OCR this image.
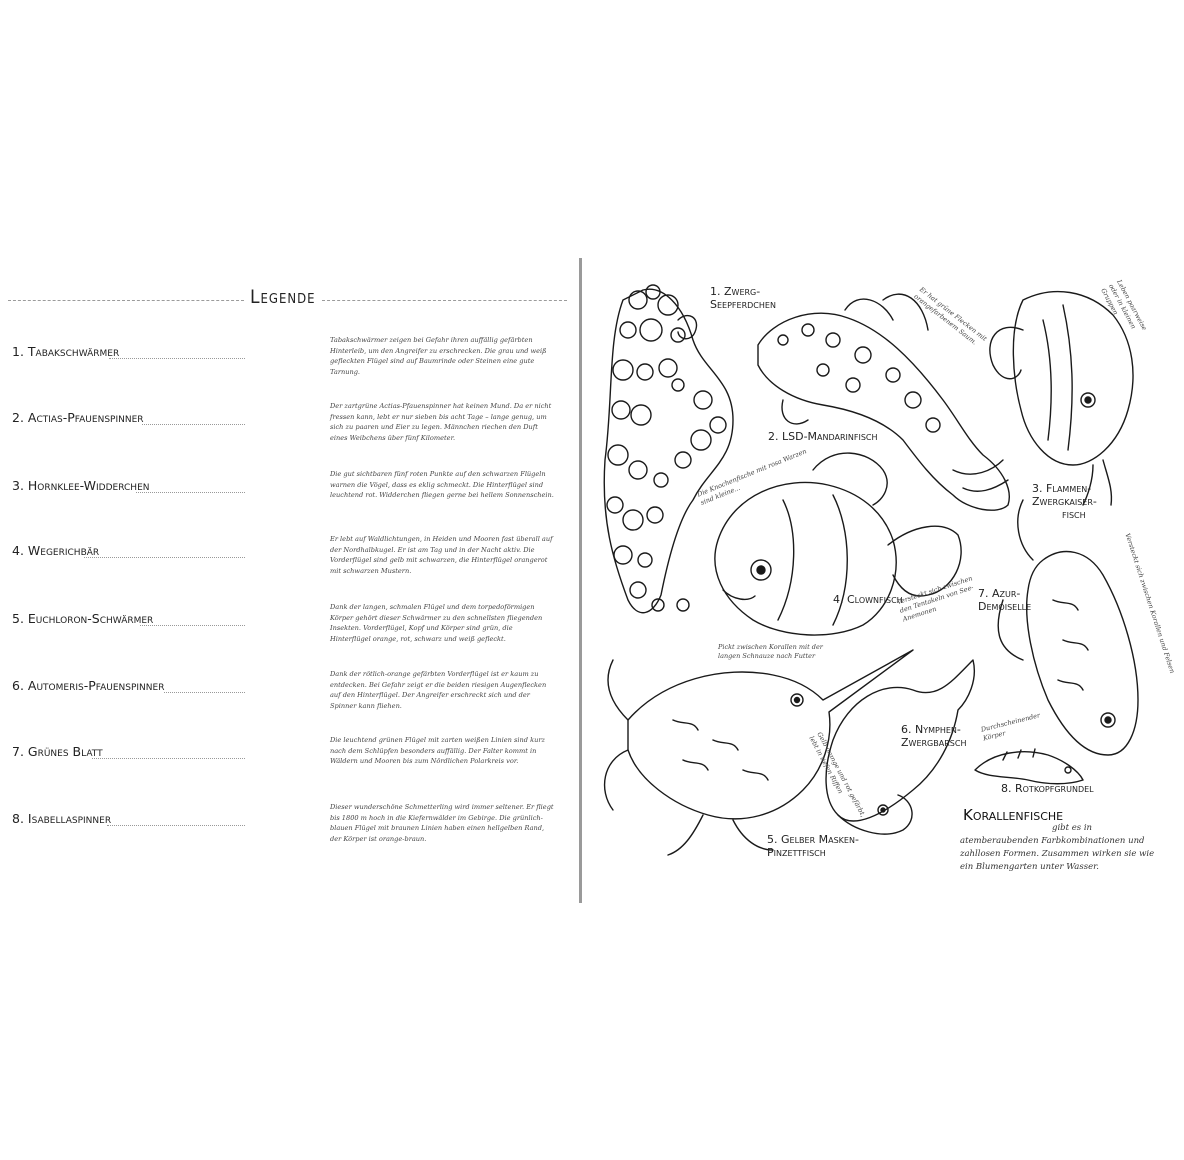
Legende
1. Tabakschwärmer
Tabakschwärmer zeigen bei Gefahr ihren auffällig gefärbten Hinterleib, um den Angreifer zu erschrecken. Die grau und weiß gefleckten Flügel sind auf Baumrinde oder Steinen eine gute Tarnung.
2. Actias-Pfauenspinner
Der zartgrüne Actias-Pfauenspinner hat keinen Mund. Da er nicht fressen kann, lebt er nur sieben bis acht Tage – lange genug, um sich zu paaren und Eier zu legen. Männchen riechen den Duft eines Weibchens über fünf Kilometer.
3. Hornklee-Widderchen
Die gut sichtbaren fünf roten Punkte auf den schwarzen Flügeln warnen die Vögel, dass es eklig schmeckt. Die Hinterflügel sind leuchtend rot. Widderchen fliegen gerne bei hellem Sonnenschein.
4. Wegerichbär
Er lebt auf Waldlichtungen, in Heiden und Mooren fast überall auf der Nordhalbkugel. Er ist am Tag und in der Nacht aktiv. Die Vorderflügel sind gelb mit schwarzen, die Hinterflügel orangerot mit schwarzen Mustern.
5. Euchloron-Schwärmer
Dank der langen, schmalen Flügel und dem torpedoförmigen Körper gehört dieser Schwärmer zu den schnellsten fliegenden Insekten. Vorderflügel, Kopf und Körper sind grün, die Hinterflügel orange, rot, schwarz und weiß gefleckt.
6. Automeris-Pfauenspinner
Dank der rötlich-orange gefärbten Vorderflügel ist er kaum zu entdecken. Bei Gefahr zeigt er die beiden riesigen Augenflecken auf den Hinterflügel. Der Angreifer erschreckt sich und der Spinner kann fliehen.
7. Grünes Blatt
Die leuchtend grünen Flügel mit zarten weißen Linien sind kurz nach dem Schlüpfen besonders auffällig. Der Falter kommt in Wäldern und Mooren bis zum Nördlichen Polarkreis vor.
8. Isabellaspinner
Dieser wunderschöne Schmetterling wird immer seltener. Er fliegt bis 1800 m hoch in die Kiefernwälder im Gebirge. Die grünlich-blauen Flügel mit braunen Linien haben einen hellgelben Rand, der Körper ist orange-braun.
1. Zwerg-
Seepferdchen
2. LSD-Mandarinfisch
3. Flammen-
Zwergkaiser-
fisch
4. Clownfisch
5. Gelber Masken-
Pinzettfisch
6. Nymphen-
Zwergbarsch
7. Azur-
Demoiselle
8. Rotkopfgrundel
Die Knochenfische mit rosa Warzen sind kleine...
Er hat grüne Flecken mit orangefarbenem Saum.	Leben paarweise oder in kleinen Gruppen
Versteckt sich zwischen den Tentakeln von See-Anemonen
Pickt zwischen Korallen mit der langen Schnauze nach Futter
Durchscheinender Körper
Versteckt sich zwischen Korallen und Felsen
Gelb orange und rot gefärbt, lebt in tiefen Riffen
Korallenfische
gibt es in atemberaubenden Farbkombinationen und zahllosen Formen. Zusammen wirken sie wie ein Blumengarten unter Wasser.
